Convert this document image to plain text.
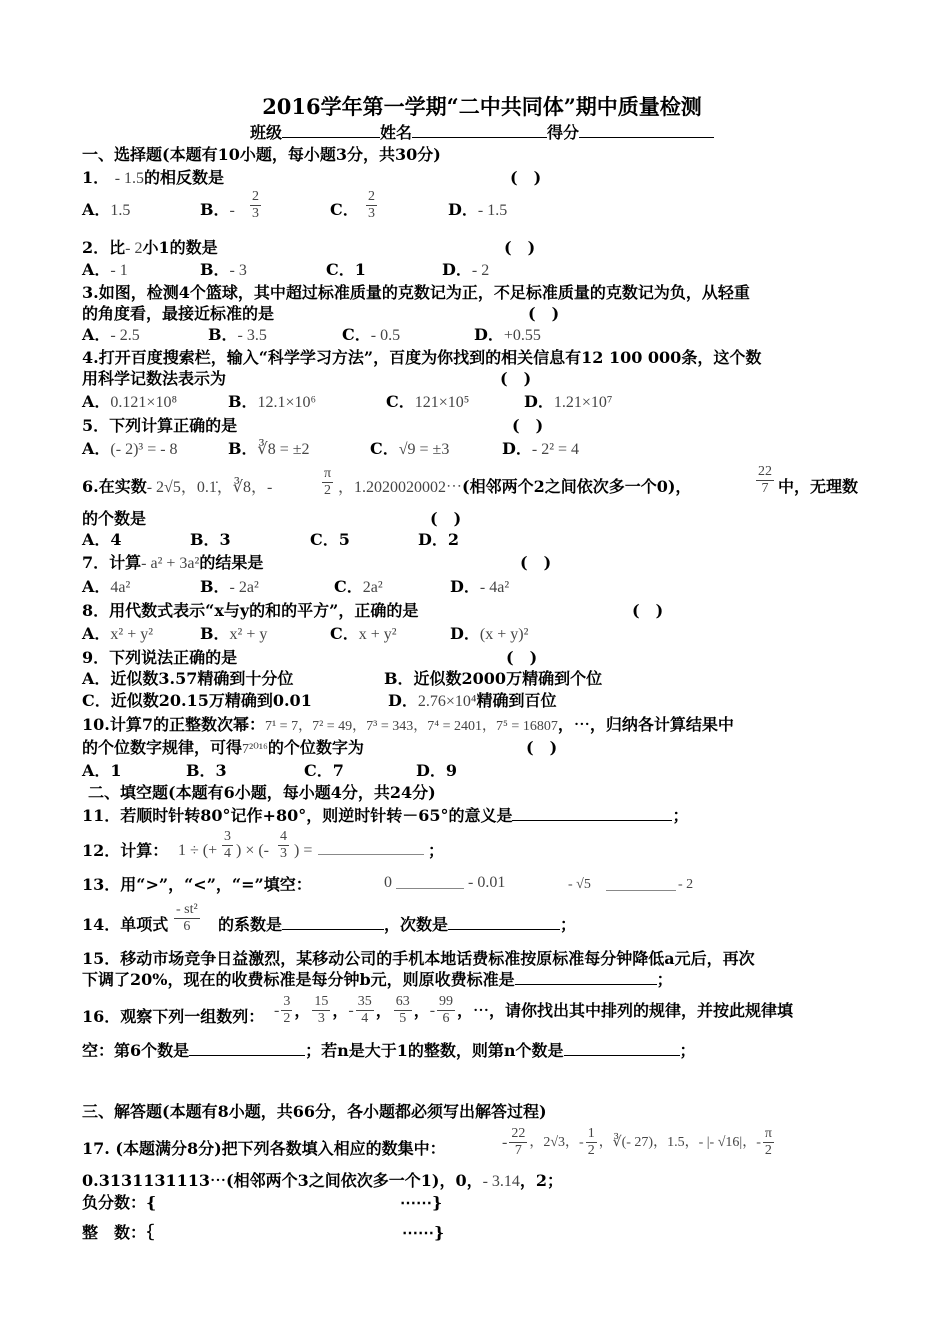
2016学年第一学期“二中共同体”期中质量检测
班级	姓名	得分
一、选择题(本题有10小题，每小题3分，共30分)
1． - 1.5的相反数是	(　)
A．1.5	B．- $\frac{2}{3}$	C． $\frac{2}{3}$	D．- 1.5
2．比- 2小1的数是	(　)
A．- 1	B．- 3	C．1	D．- 2
3.如图，检测4个篮球，其中超过标准质量的克数记为正，不足标准质量的克数记为负，从轻重
的角度看，最接近标准的是	(　)
A．- 2.5	B．- 3.5	C．- 0.5	D．+0.55
4.打开百度搜索栏，输入“科学学习方法”，百度为你找到的相关信息有12 100 000条，这个数
用科学记数法表示为	(　)
A．0.121×10⁸	B．12.1×10⁶	C．121×10⁵	D．1.21×10⁷
5．下列计算正确的是	(　)
A．(- 2)³ = - 8	B．∛8 = ±2	C．√9 = ±3	D．- 2² = 4
6.在实数- 2√5，0.1̇，∛8，-	$\frac{\pi}{2}$ ，1.2020020002⋯(相邻两个2之间依次多一个0)，	$\frac{22}{7}$ 中，无理数
的个数是	(　)
A．4	B．3	C．5	D．2
7．计算- a² + 3a²的结果是	(　)
A．4a²	B．- 2a²	C．2a²	D．- 4a²
8．用代数式表示“x与y的和的平方”，正确的是	(　)
A．x² + y²	B．x² + y	C．x + y²	D．(x + y)²
9．下列说法正确的是	(　)
A．近似数3.57精确到十分位	B．近似数2000万精确到个位
C．近似数20.15万精确到0.01	D．2.76×10⁴精确到百位
10.计算7的正整数次幂：7¹ = 7，7² = 49，7³ = 343，7⁴ = 2401，7⁵ = 16807，⋯，归纳各计算结果中
的个位数字规律，可得7²⁰¹⁶的个位数字为	(　)
A．1	B．3	C．7	D．9
二、填空题(本题有6小题，每小题4分，共24分)
11．若顺时针转80°记作+80°，则逆时针转－65°的意义是	；
12．计算： 1 ÷ (+ $\frac{3}{4}$ ) × (- $\frac{4}{3}$ ) =	；
13．用“>”，“<”，“=”填空：	0	- 0.01	- √5	- 2
14．单项式 $\frac{\text{- st²}}{6}$ 的系数是	，次数是	；
15．移动市场竞争日益激烈，某移动公司的手机本地话费标准按原标准每分钟降低a元后，再次
下调了20%，现在的收费标准是每分钟b元，则原收费标准是	；
16．观察下列一组数列： - $\frac{3}{2}$ ， $\frac{15}{3}$ ， - $\frac{35}{4}$ ， $\frac{63}{5}$ ， - $\frac{99}{6}$ ，⋯，请你找出其中排列的规律，并按此规律填
空：第6个数是	；若n是大于1的整数，则第n个数是	；
三、解答题(本题有8小题，共66分，各小题都必须写出解答过程)
17. (本题满分8分)把下列各数填入相应的数集中：	- $\frac{22}{7}$ ，2√3，- $\frac{1}{2}$ ，∛(- 27)，1.5，- |- √16|，- $\frac{\pi}{2}$
0.3131131113⋯(相邻两个3之间依次多一个1)，0，- 3.14，2；
负分数：{	⋯⋯}
整　数：｛	⋯⋯}
